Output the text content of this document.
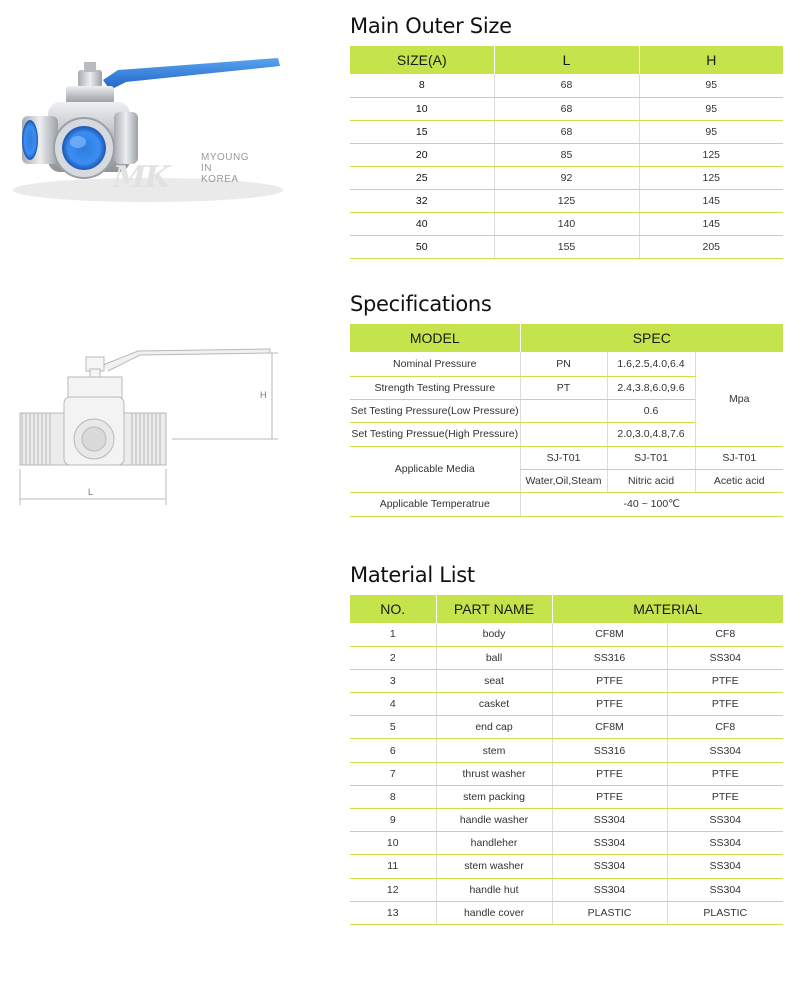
MK
MYOUNG
IN
KOREA
H
L
Main Outer Size
SIZE(A)	L	H
8	68	95
10	68	95
15	68	95
20	85	125
25	92	125
32	125	145
40	140	145
50	155	205
Specifications
MODEL	SPEC		
Nominal Pressure	PN	1.6,2.5,4.0,6.4	Mpa
Strength Testing Pressure	PT	2.4,3.8,6.0,9.6	
Set Testing Pressure(Low Pressure)		0.6	
Set Testing Pressue(High Pressure)		2.0,3.0,4.8,7.6	
Applicable Media	SJ-T01	SJ-T01	SJ-T01
	Water,Oil,Steam	Nitric acid	Acetic acid
Applicable Temperatrue	-40 ~ 100℃		
Material List
NO.	PART NAME	MATERIAL	
1	body	CF8M	CF8
2	ball	SS316	SS304
3	seat	PTFE	PTFE
4	casket	PTFE	PTFE
5	end cap	CF8M	CF8
6	stem	SS316	SS304
7	thrust washer	PTFE	PTFE
8	stem packing	PTFE	PTFE
9	handle washer	SS304	SS304
10	handleher	SS304	SS304
11	stem washer	SS304	SS304
12	handle hut	SS304	SS304
13	handle cover	PLASTIC	PLASTIC
